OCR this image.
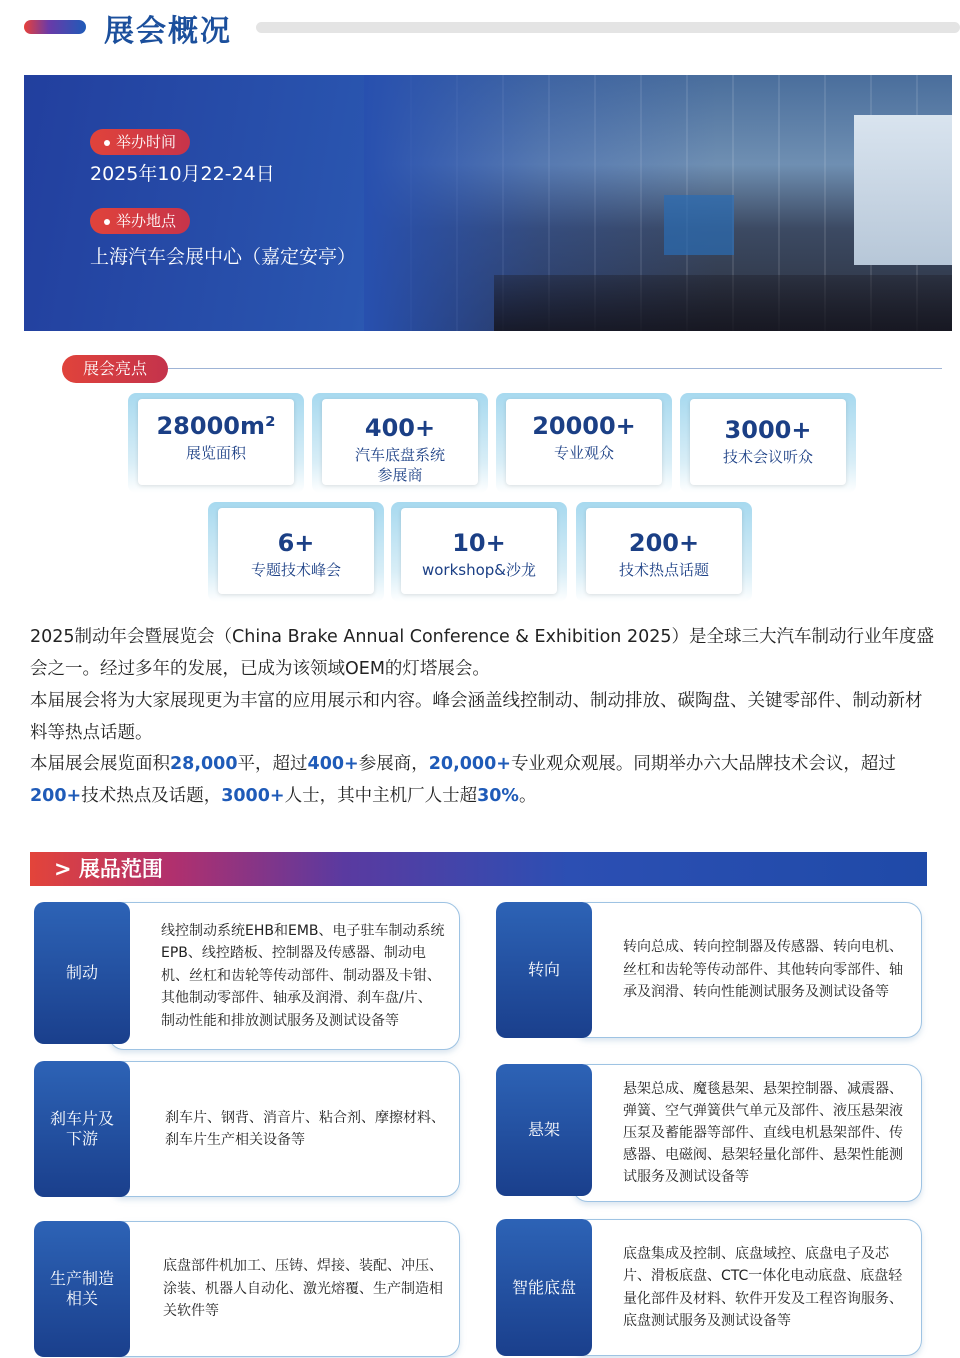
展会概况
举办时间
2025年10月22-24日
举办地点
上海汽车会展中心（嘉定安亭）
展会亮点
28000m²
展览面积
400+
汽车底盘系统
参展商
20000+
专业观众
3000+
技术会议听众
6+
专题技术峰会
10+
workshop&沙龙
200+
技术热点话题
2025制动年会暨展览会（China Brake Annual Conference & Exhibition 2025）是全球三大汽车制动行业年度盛会之一。经过多年的发展，已成为该领域OEM的灯塔展会。
本届展会将为大家展现更为丰富的应用展示和内容。峰会涵盖线控制动、制动排放、碳陶盘、关键零部件、制动新材料等热点话题。
本届展会展览面积28,000平，超过400+参展商，20,000+专业观众观展。同期举办六大品牌技术会议，超过200+技术热点及话题，3000+人士，其中主机厂人士超30%。
> 展品范围
线控制动系统EHB和EMB、电子驻车制动系统EPB、线控踏板、控制器及传感器、制动电机、丝杠和齿轮等传动部件、制动器及卡钳、其他制动零部件、轴承及润滑、刹车盘/片、制动性能和排放测试服务及测试设备等
制动
刹车片、钢背、消音片、粘合剂、摩擦材料、刹车片生产相关设备等
刹车片及
下游
底盘部件机加工、压铸、焊接、装配、冲压、涂装、机器人自动化、激光熔覆、生产制造相关软件等
生产制造
相关
转向总成、转向控制器及传感器、转向电机、丝杠和齿轮等传动部件、其他转向零部件、轴承及润滑、转向性能测试服务及测试设备等
转向
悬架总成、魔毯悬架、悬架控制器、减震器、弹簧、空气弹簧供气单元及部件、液压悬架液压泵及蓄能器等部件、直线电机悬架部件、传感器、电磁阀、悬架轻量化部件、悬架性能测试服务及测试设备等
悬架
底盘集成及控制、底盘域控、底盘电子及芯片、滑板底盘、CTC一体化电动底盘、底盘轻量化部件及材料、软件开发及工程咨询服务、底盘测试服务及测试设备等
智能底盘
